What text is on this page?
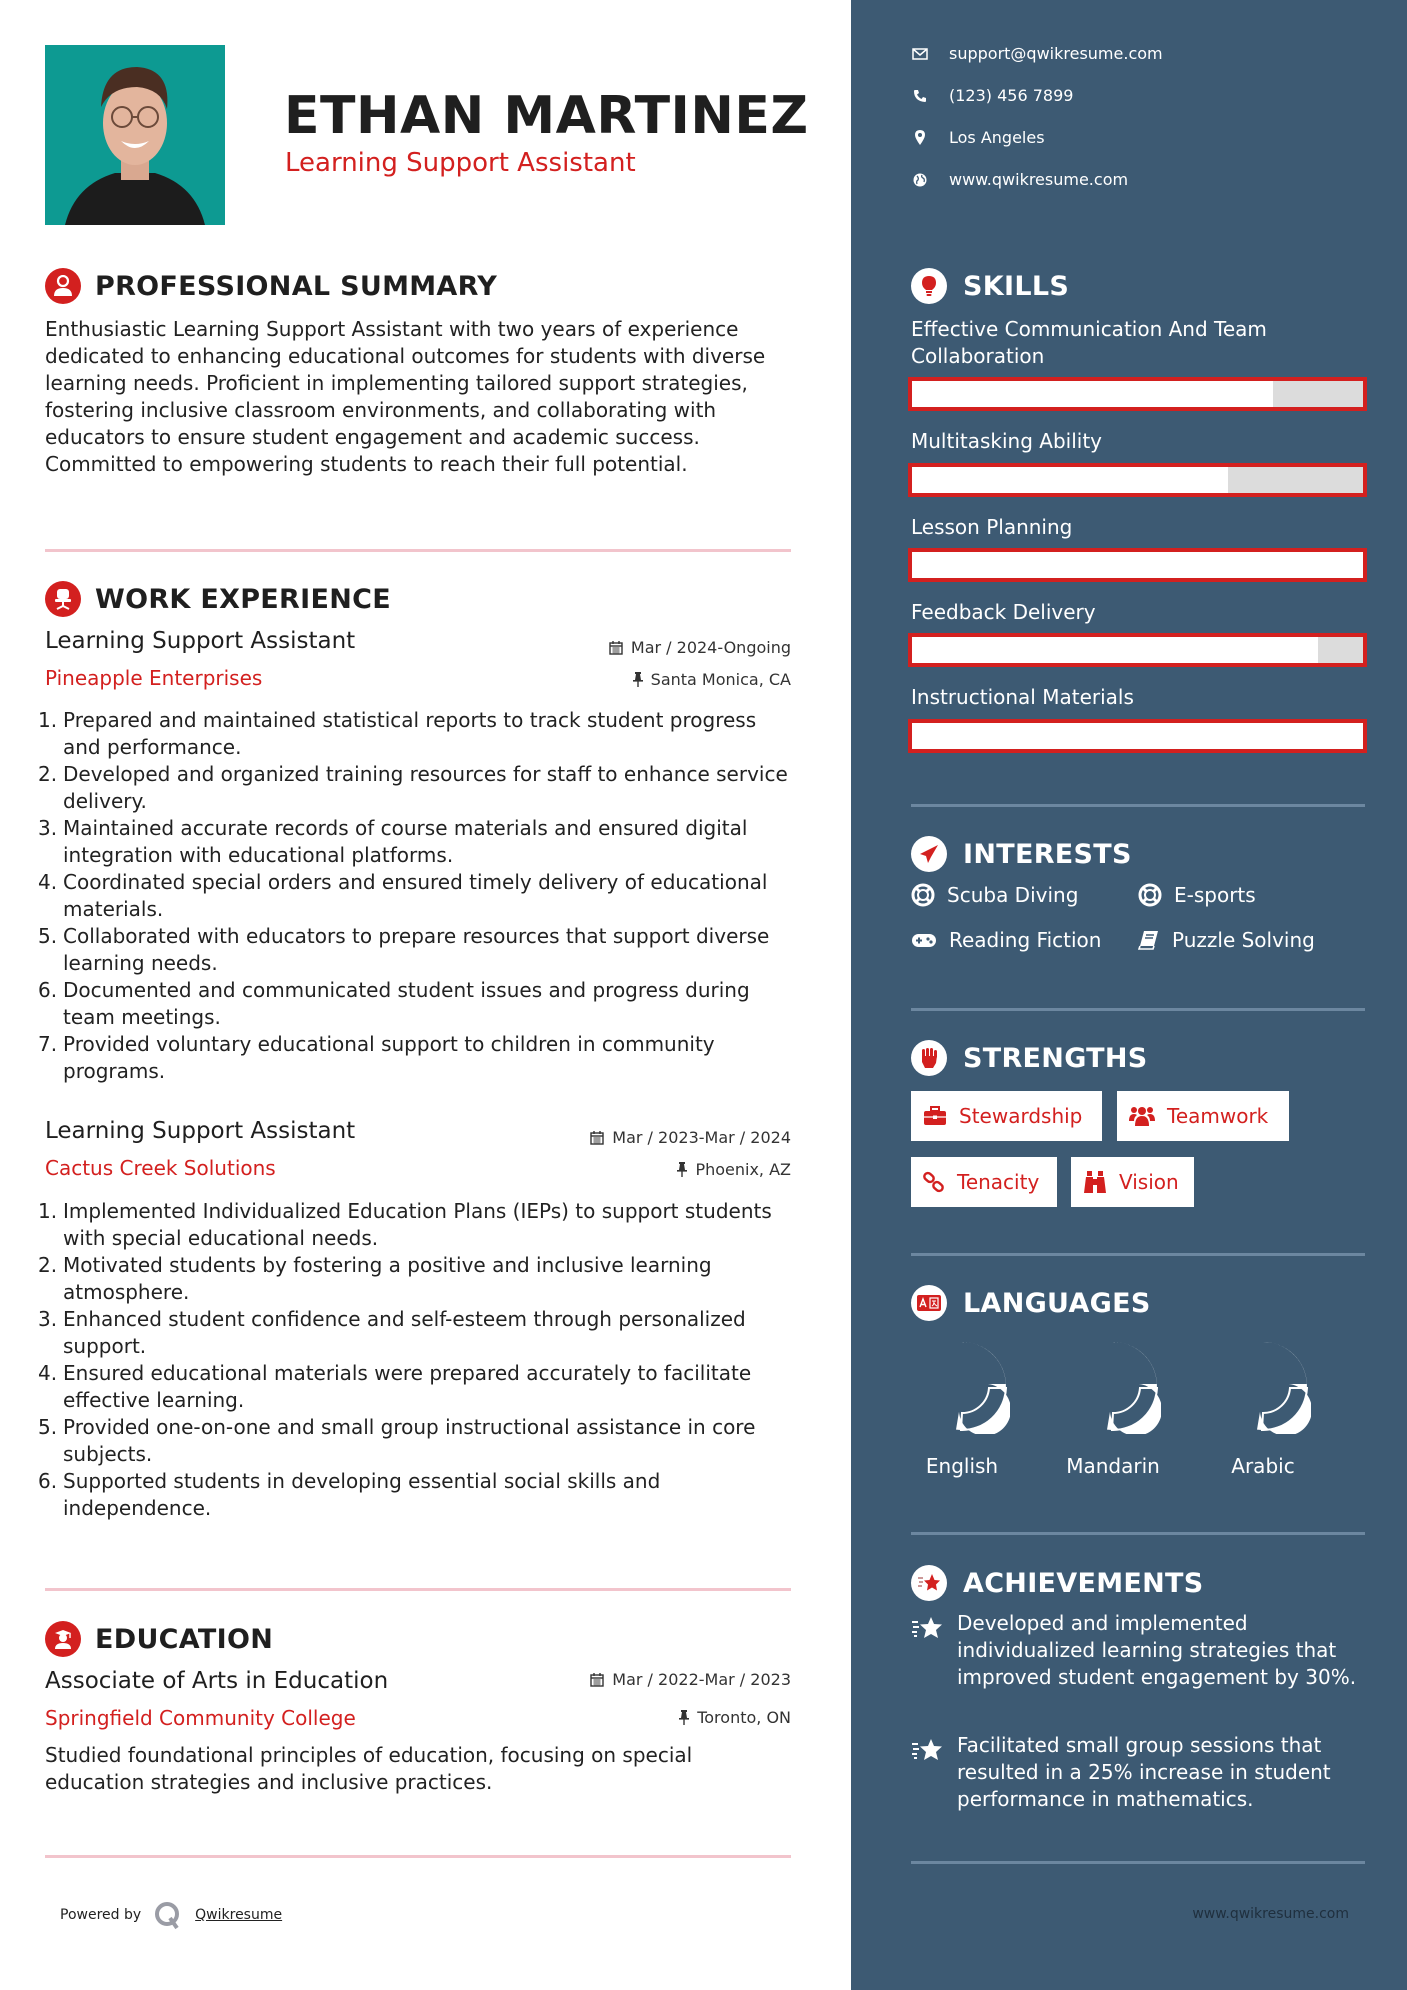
ETHAN MARTINEZ
Learning Support Assistant
PROFESSIONAL SUMMARY
Enthusiastic Learning Support Assistant with two years of experience dedicated to enhancing educational outcomes for students with diverse learning needs. Proficient in implementing tailored support strategies, fostering inclusive classroom environments, and collaborating with educators to ensure student engagement and academic success. Committed to empowering students to reach their full potential.
WORK EXPERIENCE
Learning Support Assistant	Mar / 2024-Ongoing
Pineapple Enterprises	Santa Monica, CA
1. Prepared and maintained statistical reports to track student progress and performance.
2. Developed and organized training resources for staff to enhance service delivery.
3. Maintained accurate records of course materials and ensured digital integration with educational platforms.
4. Coordinated special orders and ensured timely delivery of educational materials.
5. Collaborated with educators to prepare resources that support diverse learning needs.
6. Documented and communicated student issues and progress during team meetings.
7. Provided voluntary educational support to children in community programs.
Learning Support Assistant	Mar / 2023-Mar / 2024
Cactus Creek Solutions	Phoenix, AZ
1. Implemented Individualized Education Plans (IEPs) to support students with special educational needs.
2. Motivated students by fostering a positive and inclusive learning atmosphere.
3. Enhanced student confidence and self-esteem through personalized support.
4. Ensured educational materials were prepared accurately to facilitate effective learning.
5. Provided one-on-one and small group instructional assistance in core subjects.
6. Supported students in developing essential social skills and independence.
EDUCATION
Associate of Arts in Education	Mar / 2022-Mar / 2023
Springfield Community College	Toronto, ON
Studied foundational principles of education, focusing on special education strategies and inclusive practices.
Powered by	Qwikresume
support@qwikresume.com
(123) 456 7899
Los Angeles
www.qwikresume.com
SKILLS
Effective Communication And Team Collaboration
Multitasking Ability
Lesson Planning
Feedback Delivery
Instructional Materials
INTERESTS
Scuba Diving	E-sports
Reading Fiction	Puzzle Solving
STRENGTHS
Stewardship	Teamwork
Tenacity	Vision
LANGUAGES
English	Mandarin	Arabic
ACHIEVEMENTS
Developed and implemented individualized learning strategies that improved student engagement by 30%.
Facilitated small group sessions that resulted in a 25% increase in student performance in mathematics.
www.qwikresume.com
